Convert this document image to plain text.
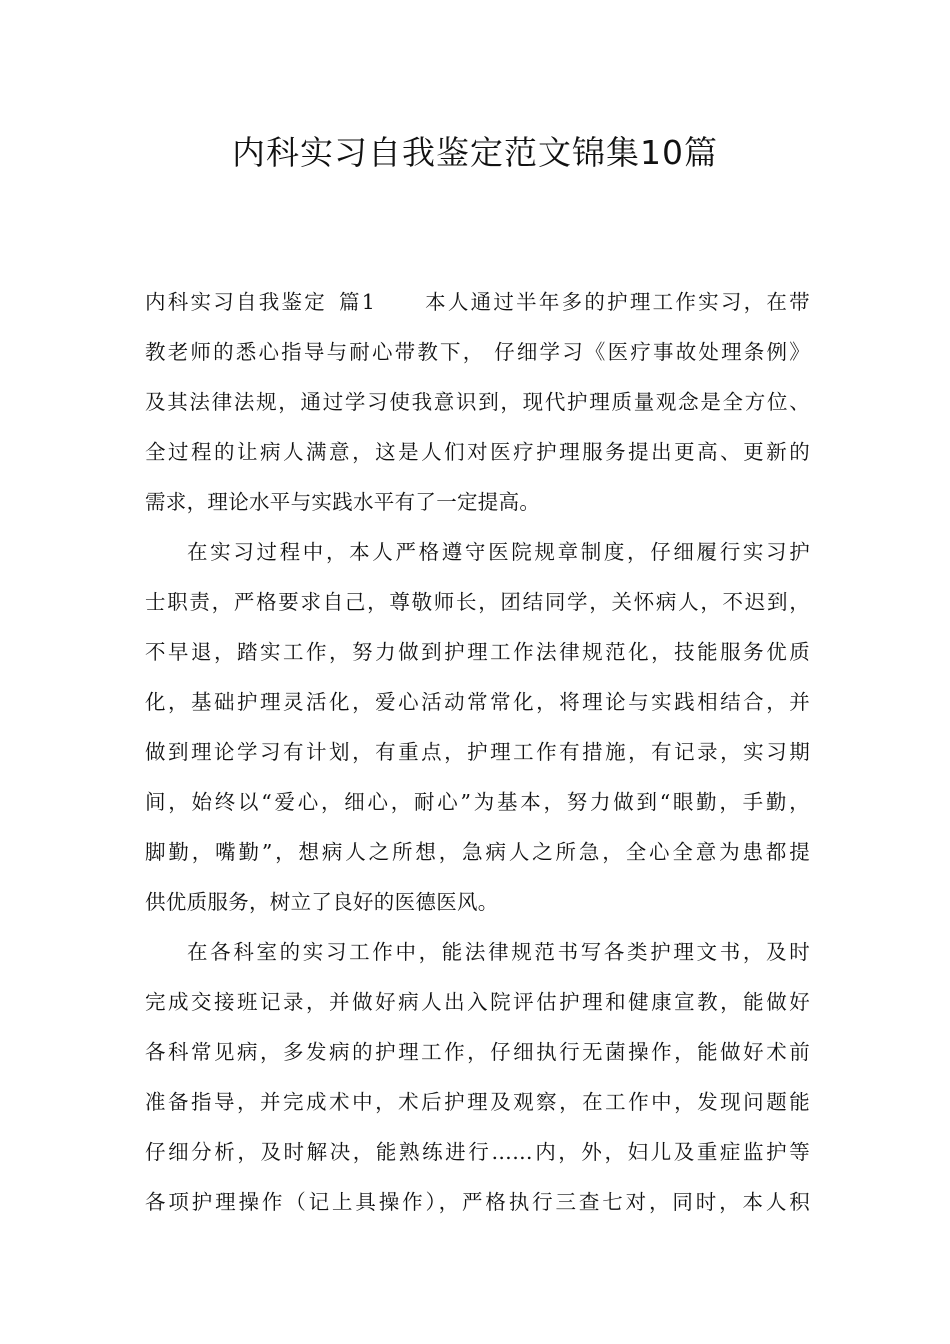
内科实习自我鉴定范文锦集10篇
内科实习自我鉴定 篇1 本人通过半年多的护理工作实习，在带
教老师的悉心指导与耐心带教下， 仔细学习《医疗事故处理条例》
及其法律法规，通过学习使我意识到，现代护理质量观念是全方位、
全过程的让病人满意，这是人们对医疗护理服务提出更高、更新的
需求，理论水平与实践水平有了一定提高。
在实习过程中，本人严格遵守医院规章制度，仔细履行实习护
士职责，严格要求自己，尊敬师长，团结同学，关怀病人，不迟到，
不早退，踏实工作，努力做到护理工作法律规范化，技能服务优质
化，基础护理灵活化，爱心活动常常化，将理论与实践相结合，并
做到理论学习有计划，有重点，护理工作有措施，有记录，实习期
间，始终以“爱心，细心，耐心”为基本，努力做到“眼勤，手勤，
脚勤，嘴勤”，想病人之所想，急病人之所急，全心全意为患都提
供优质服务，树立了良好的医德医风。
在各科室的实习工作中，能法律规范书写各类护理文书，及时
完成交接班记录，并做好病人出入院评估护理和健康宣教，能做好
各科常见病，多发病的护理工作，仔细执行无菌操作，能做好术前
准备指导，并完成术中，术后护理及观察，在工作中，发现问题能
仔细分析，及时解决，能熟练进行……内，外，妇儿及重症监护等
各项护理操作（记上具操作），严格执行三查七对，同时，本人积
